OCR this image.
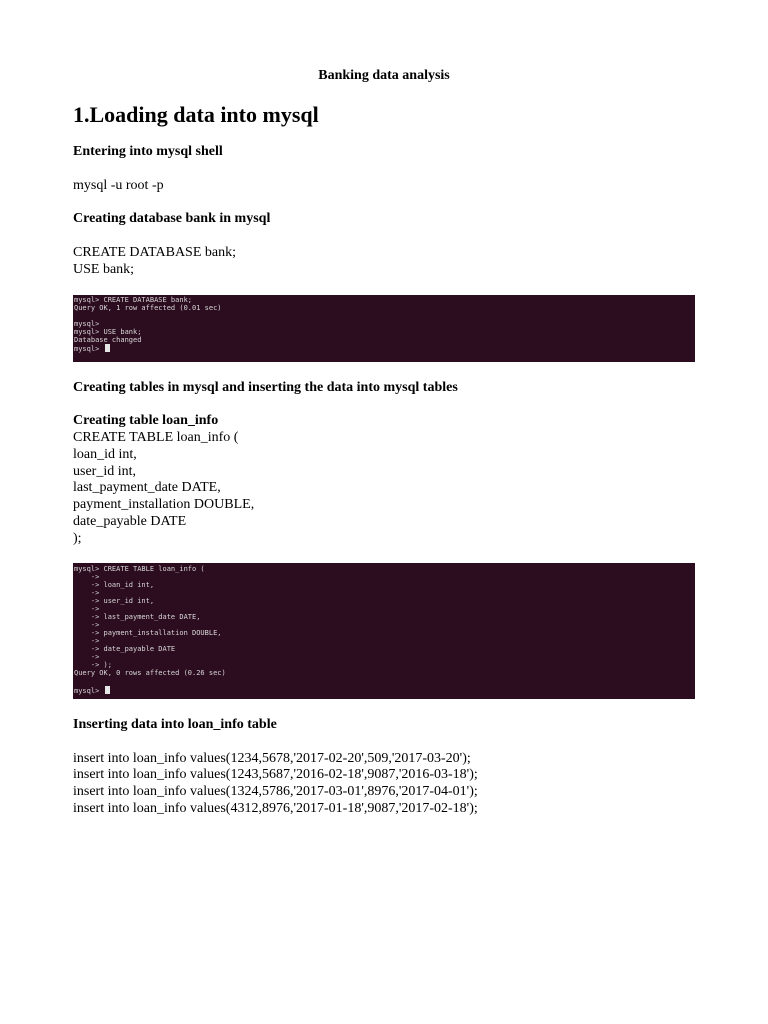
Banking data analysis
1.Loading data into mysql
Entering into mysql shell
mysql -u root -p
Creating database bank in mysql
CREATE DATABASE bank;
USE bank;
mysql> CREATE DATABASE bank;
Query OK, 1 row affected (0.01 sec)
mysql>
mysql> USE bank;
Database changed
mysql>
Creating tables in mysql and inserting the data into mysql tables
Creating table loan_info
CREATE TABLE loan_info (
loan_id int,
user_id int,
last_payment_date DATE,
payment_installation DOUBLE,
date_payable DATE
);
mysql> CREATE TABLE loan_info (
->
-> loan_id int,
->
-> user_id int,
->
-> last_payment_date DATE,
->
-> payment_installation DOUBLE,
->
-> date_payable DATE
->
-> );
Query OK, 0 rows affected (0.26 sec)
mysql>
Inserting data into loan_info table
insert into loan_info values(1234,5678,'2017-02-20',509,'2017-03-20');
insert into loan_info values(1243,5687,'2016-02-18',9087,'2016-03-18');
insert into loan_info values(1324,5786,'2017-03-01',8976,'2017-04-01');
insert into loan_info values(4312,8976,'2017-01-18',9087,'2017-02-18');
